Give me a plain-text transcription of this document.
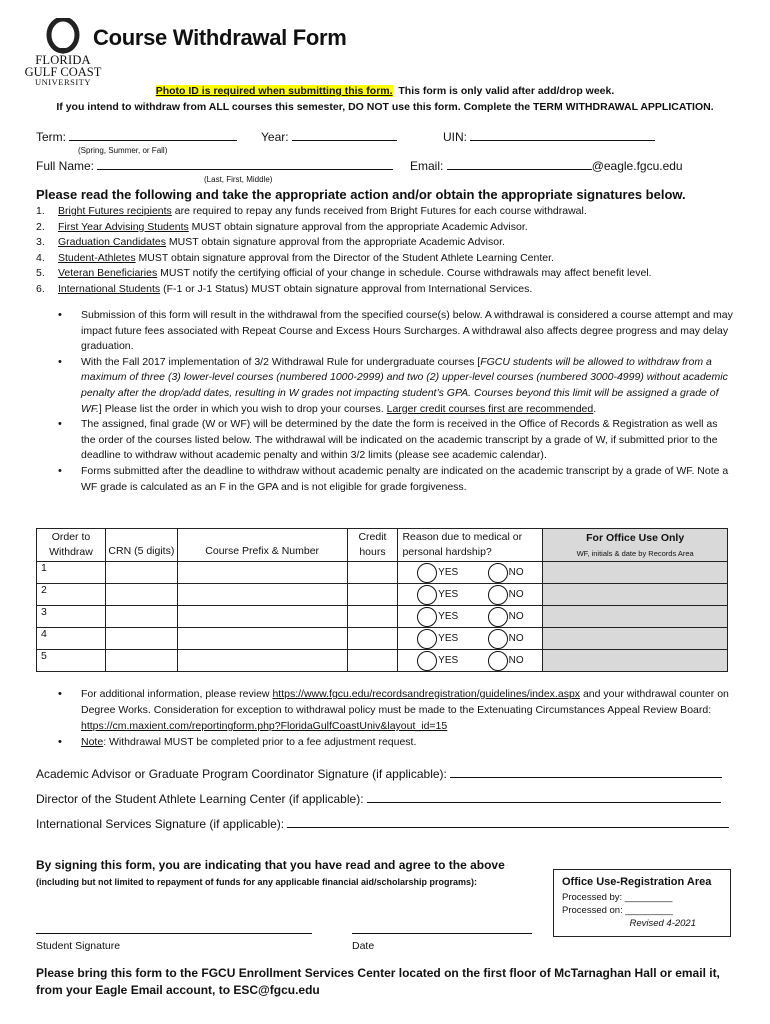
FLORIDA
GULF COAST
UNIVERSITY
Course Withdrawal Form
Photo ID is required when submitting this form. This form is only valid after add/drop week.
If you intend to withdraw from ALL courses this semester, DO NOT use this form. Complete the TERM WITHDRAWAL APPLICATION.
Term:	Year:	UIN:
(Spring, Summer, or Fall)
Full Name:	Email:	@eagle.fgcu.edu
(Last, First, Middle)
Please read the following and take the appropriate action and/or obtain the appropriate signatures below.
1. Bright Futures recipients are required to repay any funds received from Bright Futures for each course withdrawal.
2. First Year Advising Students MUST obtain signature approval from the appropriate Academic Advisor.
3. Graduation Candidates MUST obtain signature approval from the appropriate Academic Advisor.
4. Student-Athletes MUST obtain signature approval from the Director of the Student Athlete Learning Center.
5. Veteran Beneficiaries MUST notify the certifying official of your change in schedule. Course withdrawals may affect benefit level.
6. International Students (F-1 or J-1 Status) MUST obtain signature approval from International Services.
• Submission of this form will result in the withdrawal from the specified course(s) below. A withdrawal is considered a course attempt and may impact future fees associated with Repeat Course and Excess Hours Surcharges. A withdrawal also affects degree progress and may delay graduation.
• With the Fall 2017 implementation of 3/2 Withdrawal Rule for undergraduate courses [FGCU students will be allowed to withdraw from a maximum of three (3) lower-level courses (numbered 1000-2999) and two (2) upper-level courses (numbered 3000-4999) without academic penalty after the drop/add dates, resulting in W grades not impacting student’s GPA. Courses beyond this limit will be assigned a grade of WF.] Please list the order in which you wish to drop your courses. Larger credit courses first are recommended.
• The assigned, final grade (W or WF) will be determined by the date the form is received in the Office of Records & Registration as well as the order of the courses listed below. The withdrawal will be indicated on the academic transcript by a grade of W, if submitted prior to the deadline to withdraw without academic penalty and within 3/2 limits (please see academic calendar).
• Forms submitted after the deadline to withdraw without academic penalty are indicated on the academic transcript by a grade of WF. Note a WF grade is calculated as an F in the GPA and is not eligible for grade forgiveness.
Order to Withdraw	CRN (5 digits)	Course Prefix & Number	Credit hours	Reason due to medical or personal hardship?	For Office Use Only
WF, initials & date by Records Area

1				YES NO	

2				YES NO	

3				YES NO	

4				YES NO	

5				YES NO	

• For additional information, please review https://www.fgcu.edu/recordsandregistration/guidelines/index.aspx and your withdrawal counter on Degree Works. Consideration for exception to withdrawal policy must be made to the Extenuating Circumstances Appeal Review Board: https://cm.maxient.com/reportingform.php?FloridaGulfCoastUniv&layout_id=15
• Note: Withdrawal MUST be completed prior to a fee adjustment request.
Academic Advisor or Graduate Program Coordinator Signature (if applicable):
Director of the Student Athlete Learning Center (if applicable):
International Services Signature (if applicable):
By signing this form, you are indicating that you have read and agree to the above
(including but not limited to repayment of funds for any applicable financial aid/scholarship programs):	Office Use-Registration Area
Processed by: _________
Processed on: _________
Revised 4-2021
Student Signature	Date
Please bring this form to the FGCU Enrollment Services Center located on the first floor of McTarnaghan Hall or email it, from your Eagle Email account, to ESC@fgcu.edu
